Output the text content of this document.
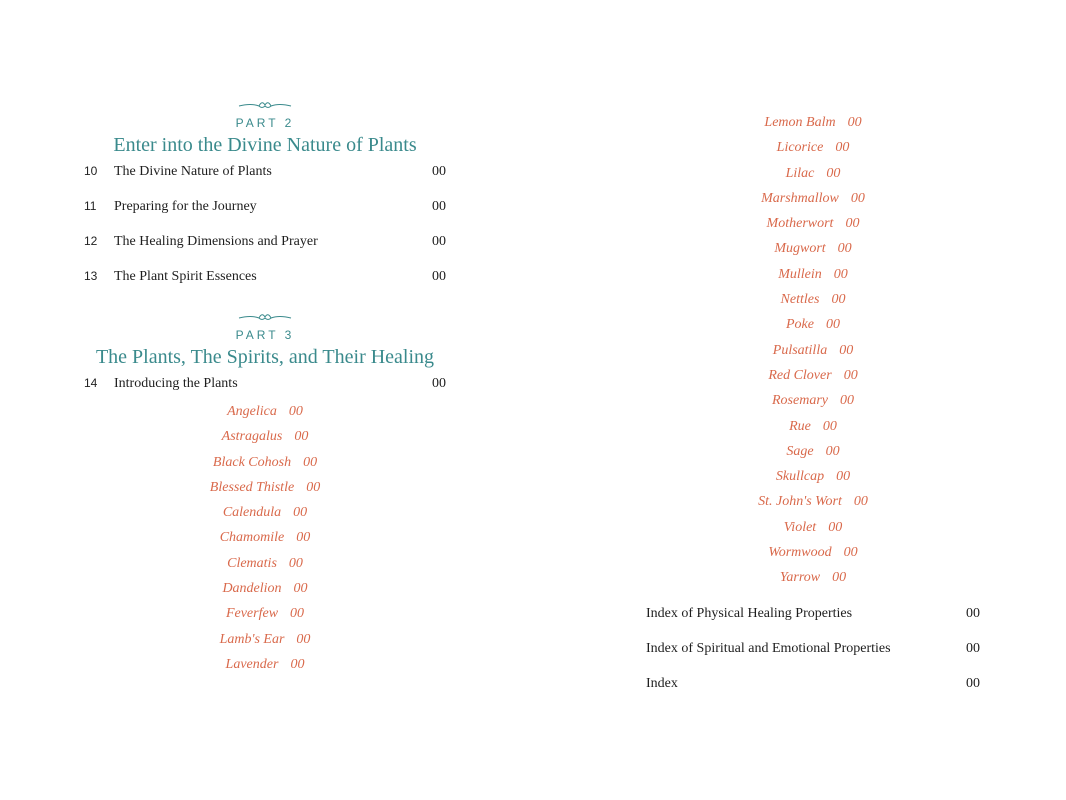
PART 2
Enter into the Divine Nature of Plants
10	The Divine Nature of Plants	00
11	Preparing for the Journey	00
12	The Healing Dimensions and Prayer	00
13	The Plant Spirit Essences	00
PART 3
The Plants, The Spirits, and Their Healing
14	Introducing the Plants	00
Angelica 00
Astragalus 00
Black Cohosh 00
Blessed Thistle 00
Calendula 00
Chamomile 00
Clematis 00
Dandelion 00
Feverfew 00
Lamb's Ear 00
Lavender 00
Lemon Balm 00
Licorice 00
Lilac 00
Marshmallow 00
Motherwort 00
Mugwort 00
Mullein 00
Nettles 00
Poke 00
Pulsatilla 00
Red Clover 00
Rosemary 00
Rue 00
Sage 00
Skullcap 00
St. John's Wort 00
Violet 00
Wormwood 00
Yarrow 00
Index of Physical Healing Properties	00
Index of Spiritual and Emotional Properties	00
Index	00
